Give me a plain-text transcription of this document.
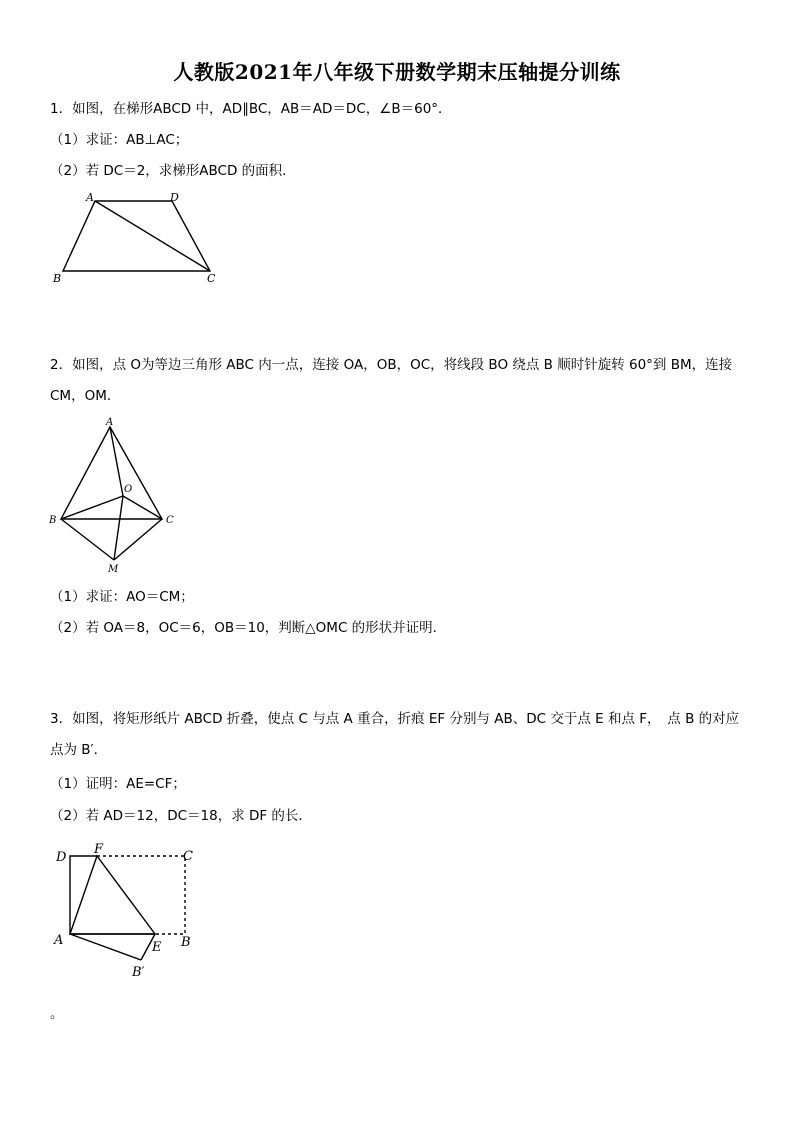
人教版2021年八年级下册数学期末压轴提分训练
1．如图，在梯形ABCD 中，AD∥BC，AB＝AD＝DC，∠B＝60°．
（1）求证：AB⊥AC；
（2）若 DC＝2，求梯形ABCD 的面积．
A	D
B	C
2．如图，点 O为等边三角形 ABC 内一点，连接 OA，OB，OC，将线段 BO 绕点 B 顺时针旋转 60°到 BM，连接 CM，OM．
A
O
B	C
M
（1）求证：AO＝CM；
（2）若 OA＝8，OC＝6，OB＝10，判断△OMC 的形状并证明．
3．如图，将矩形纸片 ABCD 折叠，使点 C 与点 A 重合，折痕 EF 分别与 AB、DC 交于点 E 和点 F，　点 B 的对应点为 B′．
（1）证明：AE=CF；
（2）若 AD＝12，DC＝18，求 DF 的长．
D
F	C
A	E B
B′
。
